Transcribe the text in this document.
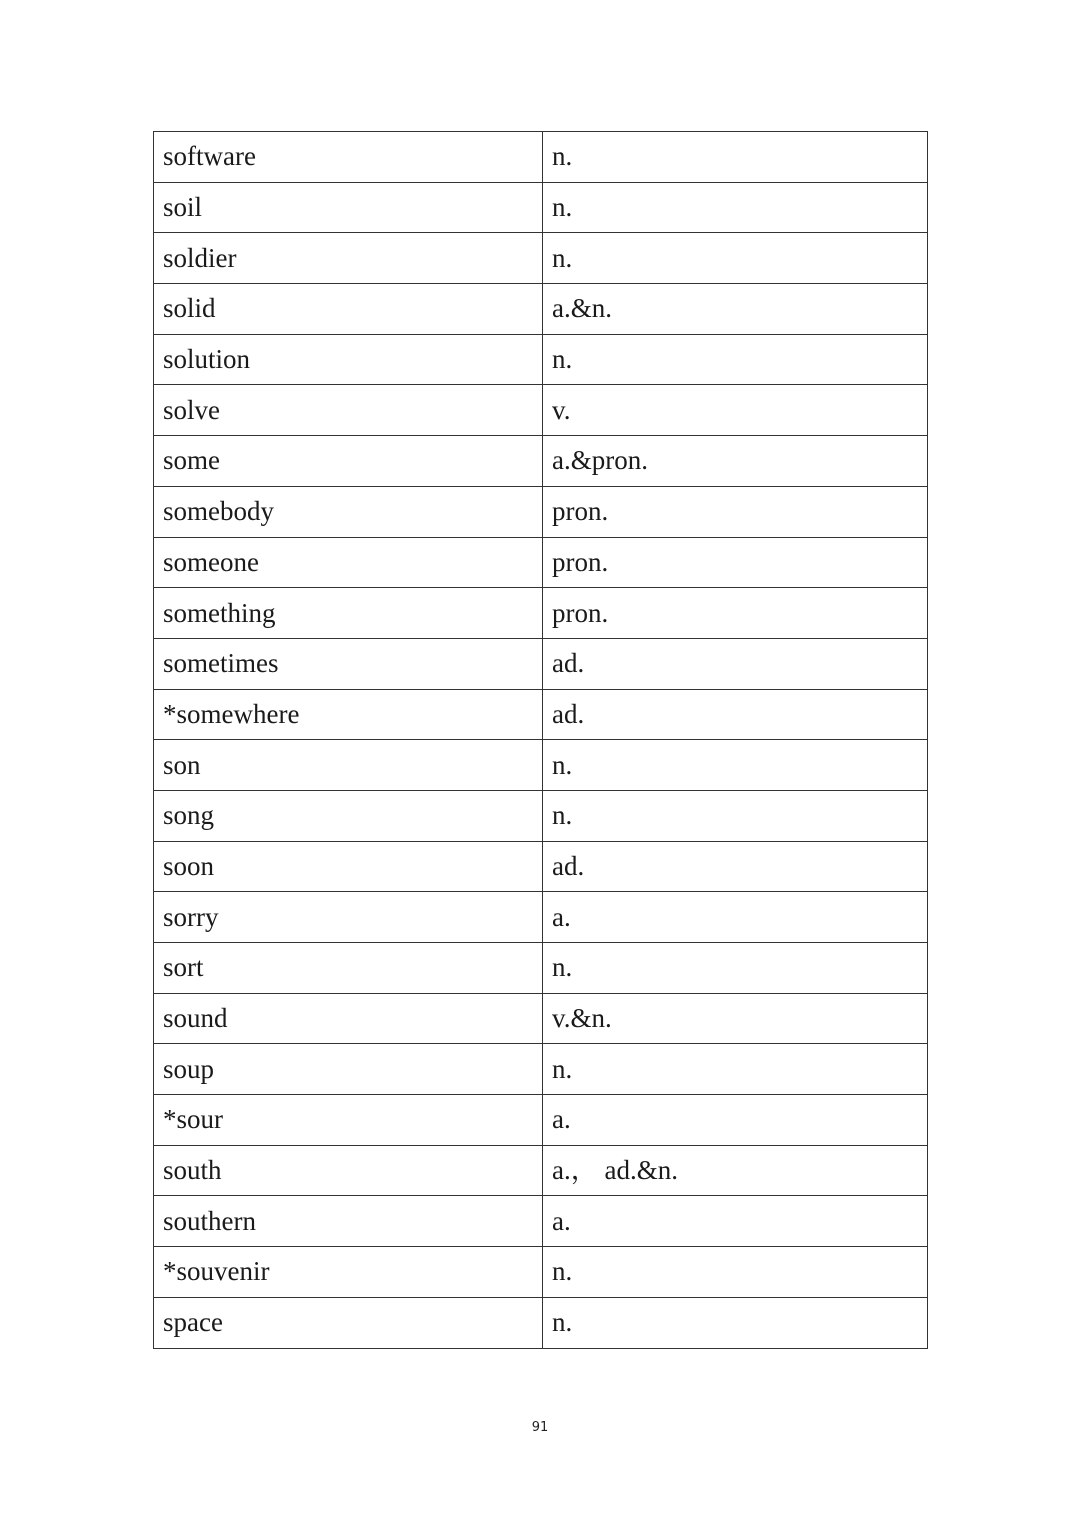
software	n.
soil	n.
soldier	n.
solid	a.&n.
solution	n.
solve	v.
some	a.&pron.
somebody	pron.
someone	pron.
something	pron.
sometimes	ad.
*somewhere	ad.
son	n.
song	n.
soon	ad.
sorry	a.
sort	n.
sound	v.&n.
soup	n.
*sour	a.
south	a.， ad.&n.
southern	a.
*souvenir	n.
space	n.
91
